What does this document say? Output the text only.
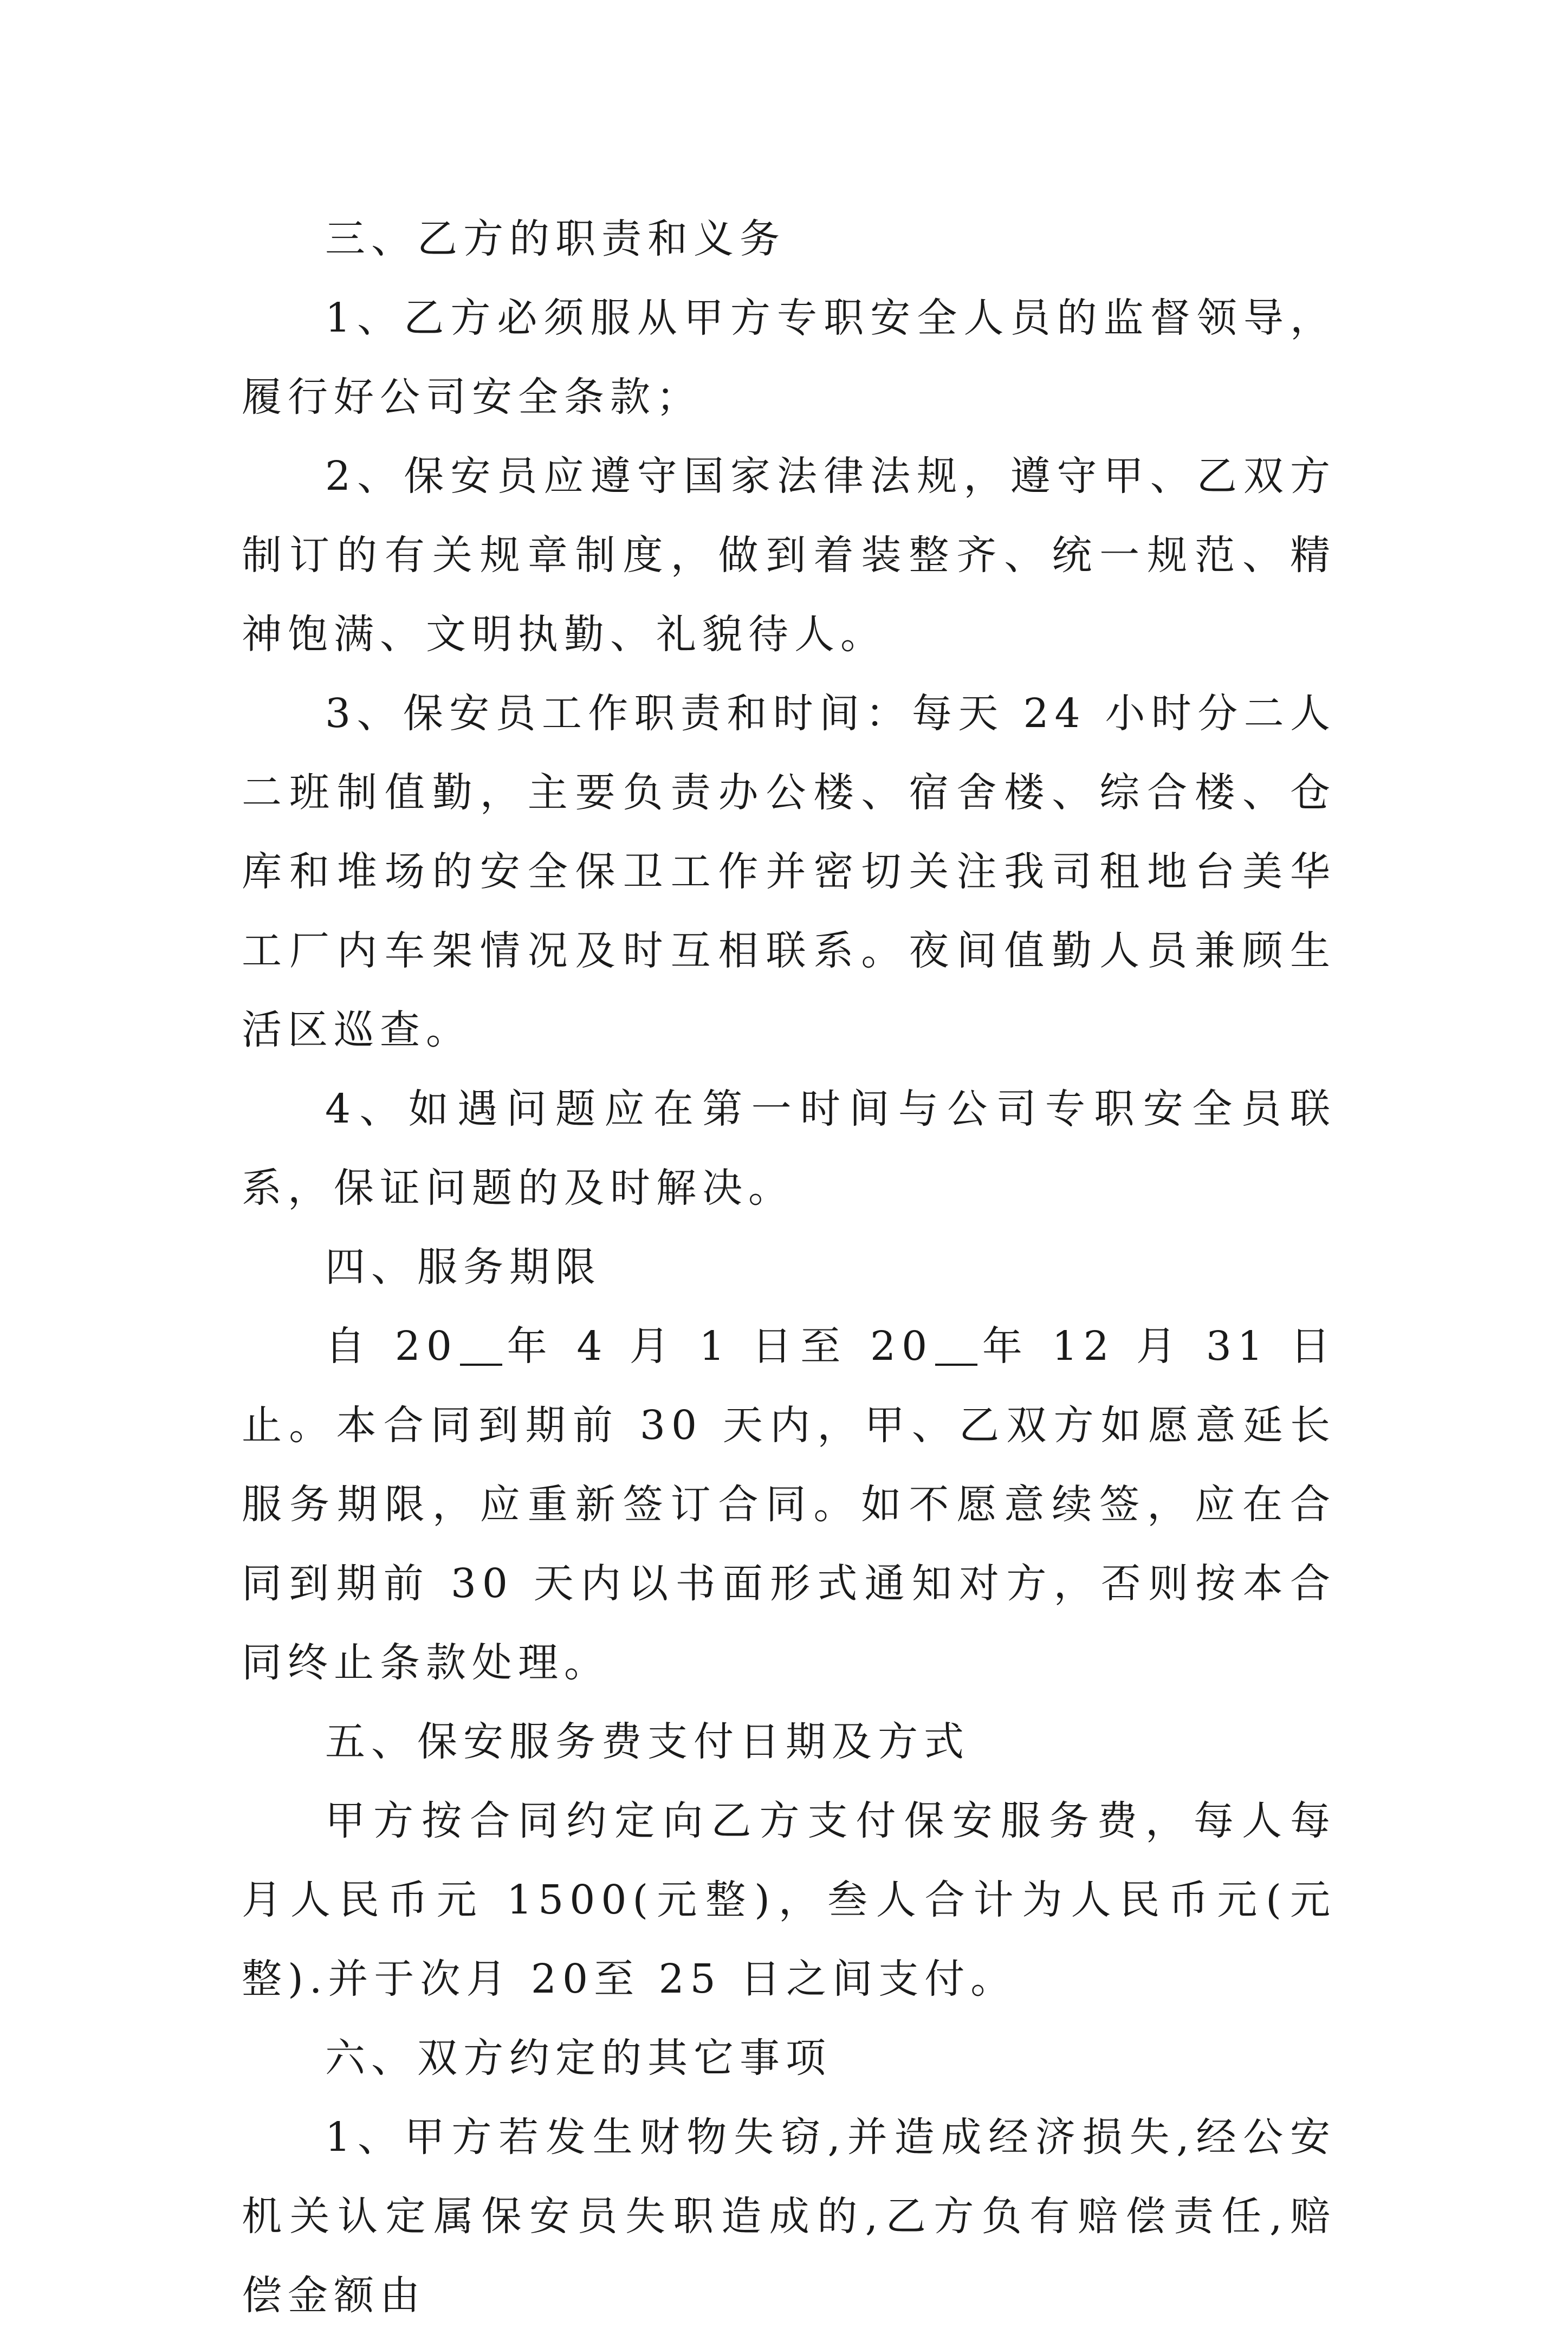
三、乙方的职责和义务

1、乙方必须服从甲方专职安全人员的监督领导，履行好公司安全条款；

2、保安员应遵守国家法律法规，遵守甲、乙双方制订的有关规章制度，做到着装整齐、统一规范、精神饱满、文明执勤、礼貌待人。

3、保安员工作职责和时间：每天 24 小时分二人二班制值勤，主要负责办公楼、宿舍楼、综合楼、仓库和堆场的安全保卫工作并密切关注我司租地台美华工厂内车架情况及时互相联系。夜间值勤人员兼顾生活区巡查。

4、如遇问题应在第一时间与公司专职安全员联系，保证问题的及时解决。

四、服务期限

自 20 年 4 月 1 日至 20 年 12 月 31 日止。本合同到期前 30 天内，甲、乙双方如愿意延长服务期限，应重新签订合同。如不愿意续签，应在合同到期前 30 天内以书面形式通知对方，否则按本合同终止条款处理。

五、保安服务费支付日期及方式

甲方按合同约定向乙方支付保安服务费，每人每月人民币元 1500(元整)，叁人合计为人民币元(元整).并于次月 20至 25 日之间支付。

六、双方约定的其它事项

1、甲方若发生财物失窃,并造成经济损失,经公安机关认定属保安员失职造成的,乙方负有赔偿责任,赔偿金额由
